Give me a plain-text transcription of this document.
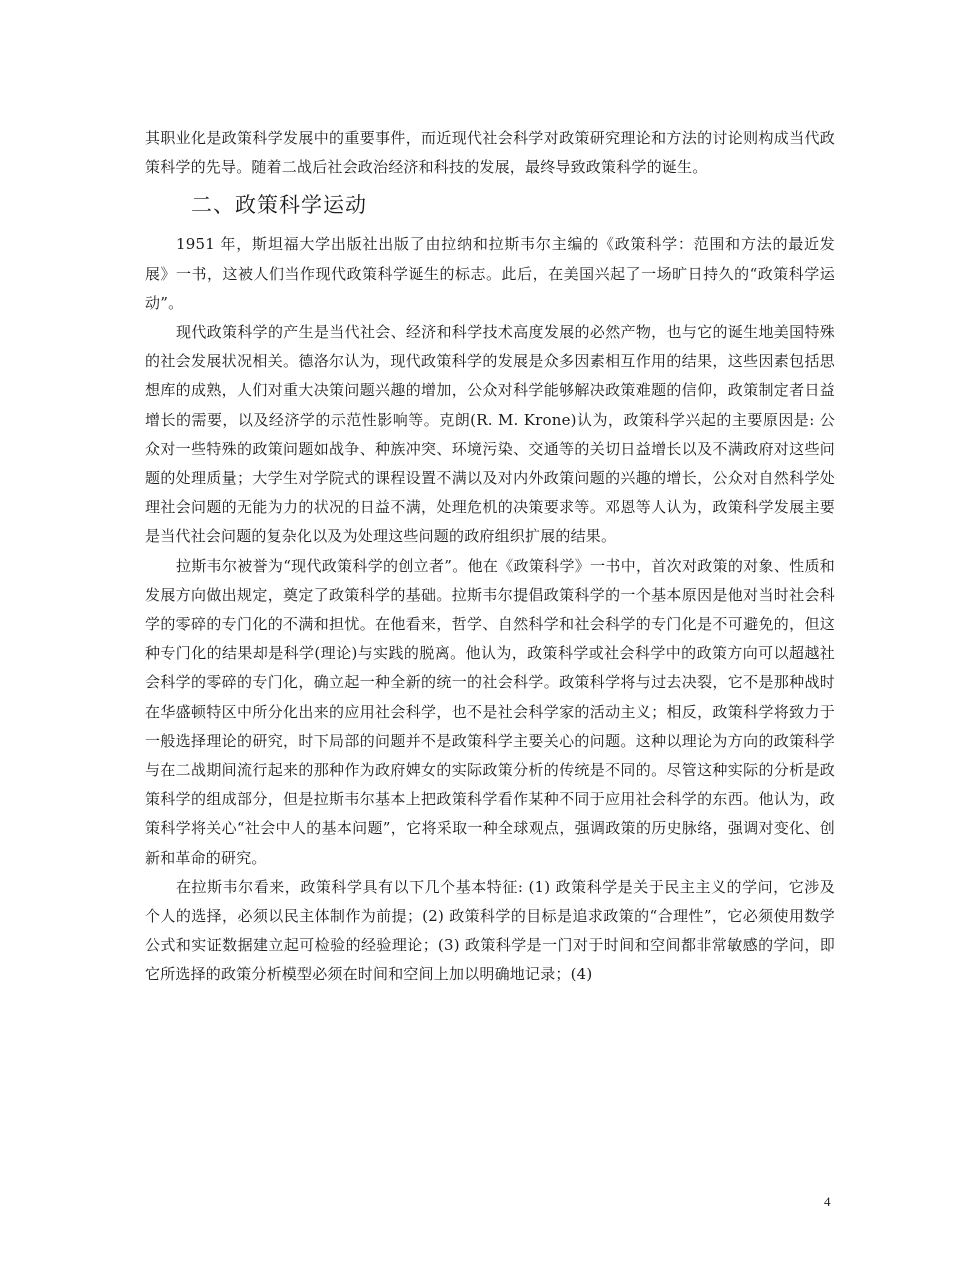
其职业化是政策科学发展中的重要事件，而近现代社会科学对政策研究理论和方法的讨论则构成当代政策科学的先导。随着二战后社会政治经济和科技的发展，最终导致政策科学的诞生。

二、政策科学运动

1951 年，斯坦福大学出版社出版了由拉纳和拉斯韦尔主编的《政策科学：范围和方法的最近发展》一书，这被人们当作现代政策科学诞生的标志。此后，在美国兴起了一场旷日持久的“政策科学运动”。

现代政策科学的产生是当代社会、经济和科学技术高度发展的必然产物，也与它的诞生地美国特殊的社会发展状况相关。德洛尔认为，现代政策科学的发展是众多因素相互作用的结果，这些因素包括思想库的成熟，人们对重大决策问题兴趣的增加，公众对科学能够解决政策难题的信仰，政策制定者日益增长的需要，以及经济学的示范性影响等。克朗(R. M. Krone)认为，政策科学兴起的主要原因是: 公众对一些特殊的政策问题如战争、种族冲突、环境污染、交通等的关切日益增长以及不满政府对这些问题的处理质量；大学生对学院式的课程设置不满以及对内外政策问题的兴趣的增长，公众对自然科学处理社会问题的无能为力的状况的日益不满，处理危机的决策要求等。邓恩等人认为，政策科学发展主要是当代社会问题的复杂化以及为处理这些问题的政府组织扩展的结果。

拉斯韦尔被誉为“现代政策科学的创立者”。他在《政策科学》一书中，首次对政策的对象、性质和发展方向做出规定，奠定了政策科学的基础。拉斯韦尔提倡政策科学的一个基本原因是他对当时社会科学的零碎的专门化的不满和担忧。在他看来，哲学、自然科学和社会科学的专门化是不可避免的，但这种专门化的结果却是科学(理论)与实践的脱离。他认为，政策科学或社会科学中的政策方向可以超越社会科学的零碎的专门化，确立起一种全新的统一的社会科学。政策科学将与过去决裂，它不是那种战时在华盛顿特区中所分化出来的应用社会科学，也不是社会科学家的活动主义；相反，政策科学将致力于一般选择理论的研究，时下局部的问题并不是政策科学主要关心的问题。这种以理论为方向的政策科学与在二战期间流行起来的那种作为政府婢女的实际政策分析的传统是不同的。尽管这种实际的分析是政策科学的组成部分，但是拉斯韦尔基本上把政策科学看作某种不同于应用社会科学的东西。他认为，政策科学将关心“社会中人的基本问题”，它将采取一种全球观点，强调政策的历史脉络，强调对变化、创新和革命的研究。

在拉斯韦尔看来，政策科学具有以下几个基本特征: (1) 政策科学是关于民主主义的学问，它涉及个人的选择，必须以民主体制作为前提；(2) 政策科学的目标是追求政策的“合理性”，它必须使用数学公式和实证数据建立起可检验的经验理论；(3) 政策科学是一门对于时间和空间都非常敏感的学问，即它所选择的政策分析模型必须在时间和空间上加以明确地记录；(4)

4
